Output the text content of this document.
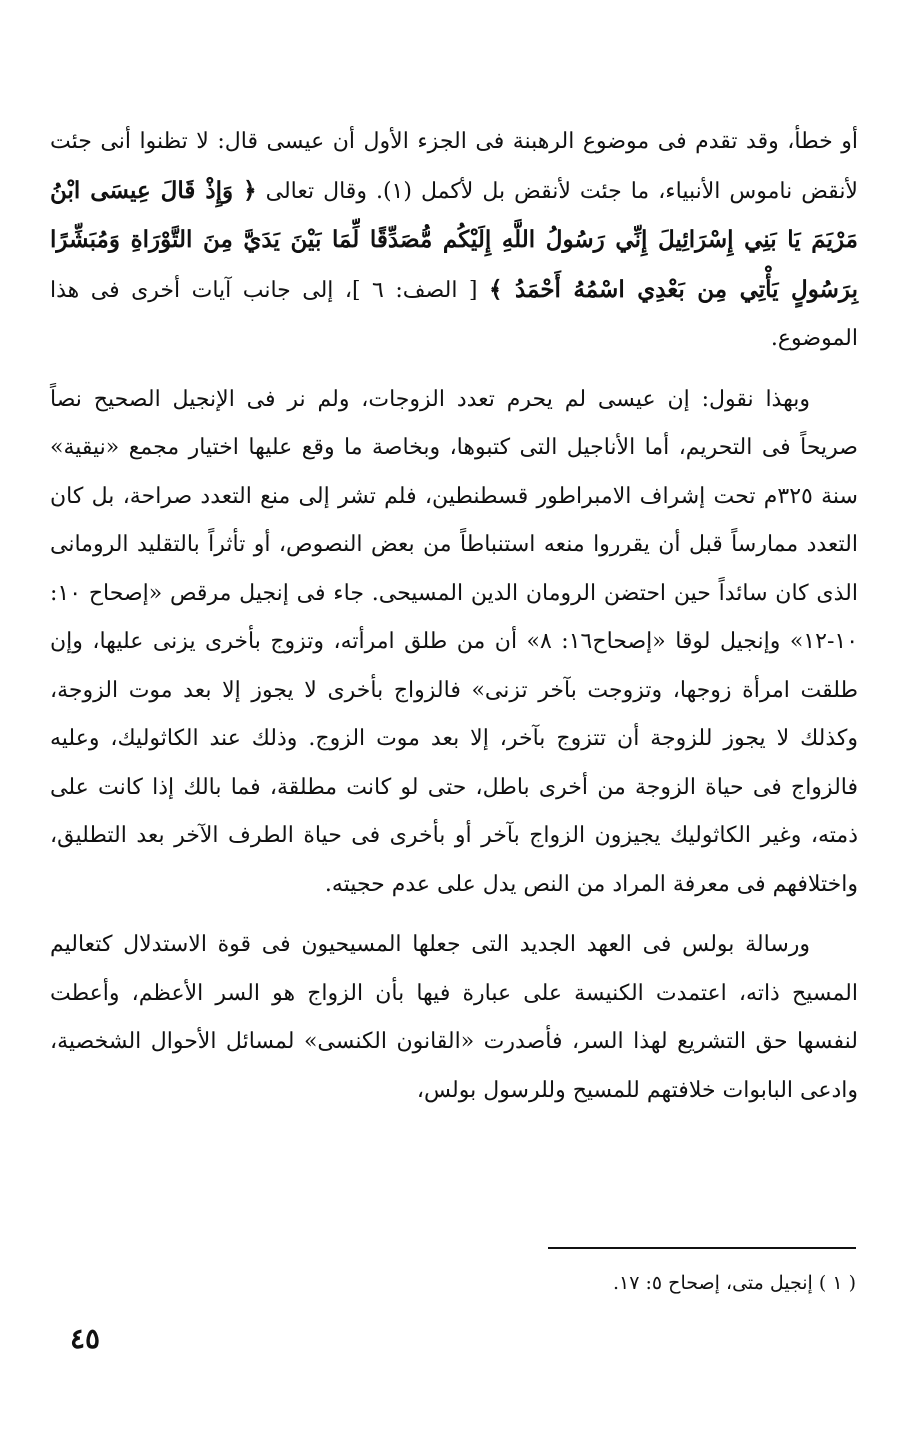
أو خطأ، وقد تقدم فى موضوع الرهبنة فى الجزء الأول أن عيسى قال: لا تظنوا أنى جئت لأنقض ناموس الأنبياء، ما جئت لأنقض بل لأكمل (١). وقال تعالى ﴿ وَإِذْ قَالَ عِيسَى ابْنُ مَرْيَمَ يَا بَنِي إِسْرَائِيلَ إِنِّي رَسُولُ اللَّهِ إِلَيْكُم مُّصَدِّقًا لِّمَا بَيْنَ يَدَيَّ مِنَ التَّوْرَاةِ وَمُبَشِّرًا بِرَسُولٍ يَأْتِي مِن بَعْدِي اسْمُهُ أَحْمَدُ ﴾ [ الصف: ٦ ]، إلى جانب آيات أخرى فى هذا الموضوع.

وبهذا نقول: إن عيسى لم يحرم تعدد الزوجات، ولم نر فى الإنجيل الصحيح نصاً صريحاً فى التحريم، أما الأناجيل التى كتبوها، وبخاصة ما وقع عليها اختيار مجمع «نيقية» سنة ٣٢٥م تحت إشراف الامبراطور قسطنطين، فلم تشر إلى منع التعدد صراحة، بل كان التعدد ممارساً قبل أن يقرروا منعه استنباطاً من بعض النصوص، أو تأثراً بالتقليد الرومانى الذى كان سائداً حين احتضن الرومان الدين المسيحى. جاء فى إنجيل مرقص «إصحاح ١٠: ١٠-١٢» وإنجيل لوقا «إصحاح١٦: ٨» أن من طلق امرأته، وتزوج بأخرى يزنى عليها، وإن طلقت امرأة زوجها، وتزوجت بآخر تزنى» فالزواج بأخرى لا يجوز إلا بعد موت الزوجة، وكذلك لا يجوز للزوجة أن تتزوج بآخر، إلا بعد موت الزوج. وذلك عند الكاثوليك، وعليه فالزواج فى حياة الزوجة من أخرى باطل، حتى لو كانت مطلقة، فما بالك إذا كانت على ذمته، وغير الكاثوليك يجيزون الزواج بآخر أو بأخرى فى حياة الطرف الآخر بعد التطليق، واختلافهم فى معرفة المراد من النص يدل على عدم حجيته.

ورسالة بولس فى العهد الجديد التى جعلها المسيحيون فى قوة الاستدلال كتعاليم المسيح ذاته، اعتمدت الكنيسة على عبارة فيها بأن الزواج هو السر الأعظم، وأعطت لنفسها حق التشريع لهذا السر، فأصدرت «القانون الكنسى» لمسائل الأحوال الشخصية، وادعى البابوات خلافتهم للمسيح وللرسول بولس،

( ١ ) إنجيل متى، إصحاح ٥: ١٧.

٤٥
